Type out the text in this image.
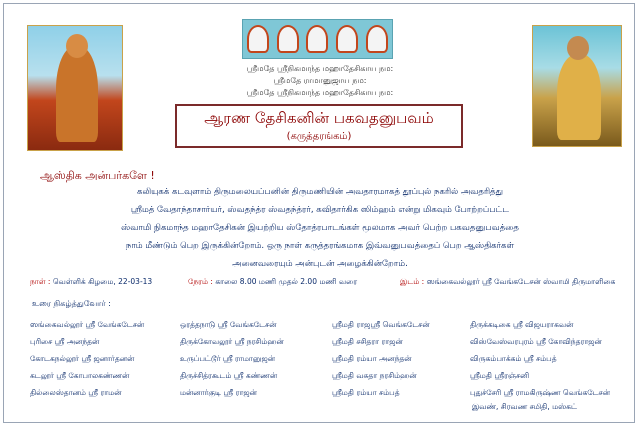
ஸ்ரீமதே ஸ்ரீநிகமாந்த மஹாதேசிகாய நம:
ஸ்ரீமதே ராமானுஜாய நம:
ஸ்ரீமதே ஸ்ரீநிகமாந்த மஹாதேசிகாய நம:
ஆரண தேசிகனின் பகவதனுபவம்
(கருத்தரங்கம்)
ஆஸ்திக அன்பர்களே !
கலியுகக் கடவுளாம் திருமலையப்பனின் திருமணியின் அவதாரமாகத் தூப்புல் நகரில் அவதரித்து
ஸ்ரீமத் வேதாந்தாசார்யர், ஸ்வதந்த்ர ஸ்வதந்த்ரர், கவிதார்கிக ஸிம்ஹம் என்று மிகவும் போற்றப்பட்ட
ஸ்வாமி நிகமாந்த மஹாதேசிகன் இயற்றிய ஸ்தோத்ரபாடங்கள் மூலமாக அவர் பெற்ற பகவதனுபவத்தை
நாம் மீண்டும் பெற இருக்கின்றோம். ஒரு நாள் கருத்தரங்கமாக இவ்வனுபவத்தைப் பெற ஆஸ்திகர்கள்
அனைவரையும் அன்புடன் அழைக்கின்றோம்.
நாள் : வெள்ளிக் கிழமை, 22-03-13	நேரம் : காலை 8.00 மணி முதல் 2.00 மணி வரை	இடம் : ஸங்கைவல்லூர் ஸ்ரீ வேங்கடேசன் ஸ்வாமி திருமாளிகை
உரை நிகழ்த்துவோர் :
ஸங்கைவல்லூர் ஸ்ரீ வேங்கடேசன்
புரிசை ஸ்ரீ அனந்தன்
கோடகநல்லூர் ஸ்ரீ ஜனார்தனன்
கடலூர் ஸ்ரீ கோபாலகண்ணன்
தில்லைஸ்தானம் ஸ்ரீ ராமன்
ஒரத்தநாடு ஸ்ரீ வேங்கடேசன்
திருக்கோவலூர் ஸ்ரீ நரசிம்ஹன்
உருப்பட்டூர் ஸ்ரீ ராமானுஜன்
திருச்சித்ரகூடம் ஸ்ரீ கண்ணன்
மன்னார்குடி ஸ்ரீ ராஜன்
ஸ்ரீமதி ராஜஸ்ரீ வெங்கடேசன்
ஸ்ரீமதி சசிதரா ராஜன்
ஸ்ரீமதி ரம்யா அனந்தன்
ஸ்ரீமதி வசுதா நரசிம்ஹன்
ஸ்ரீமதி ரம்யா சம்பத்
திருக்கடிகை ஸ்ரீ விஜயராகவன்
விஸ்வேஸ்வரபுரம் ஸ்ரீ கோவிந்தராஜன்
விருகம்பாக்கம் ஸ்ரீ சம்பத்
ஸ்ரீமதி ஸ்ரீரஞ்சனி
புதுச்சேரி ஸ்ரீ ராமகிருஷ்ண வெங்கடேசன்
இவண், சிரவண சமிதி, மஸ்கட்
